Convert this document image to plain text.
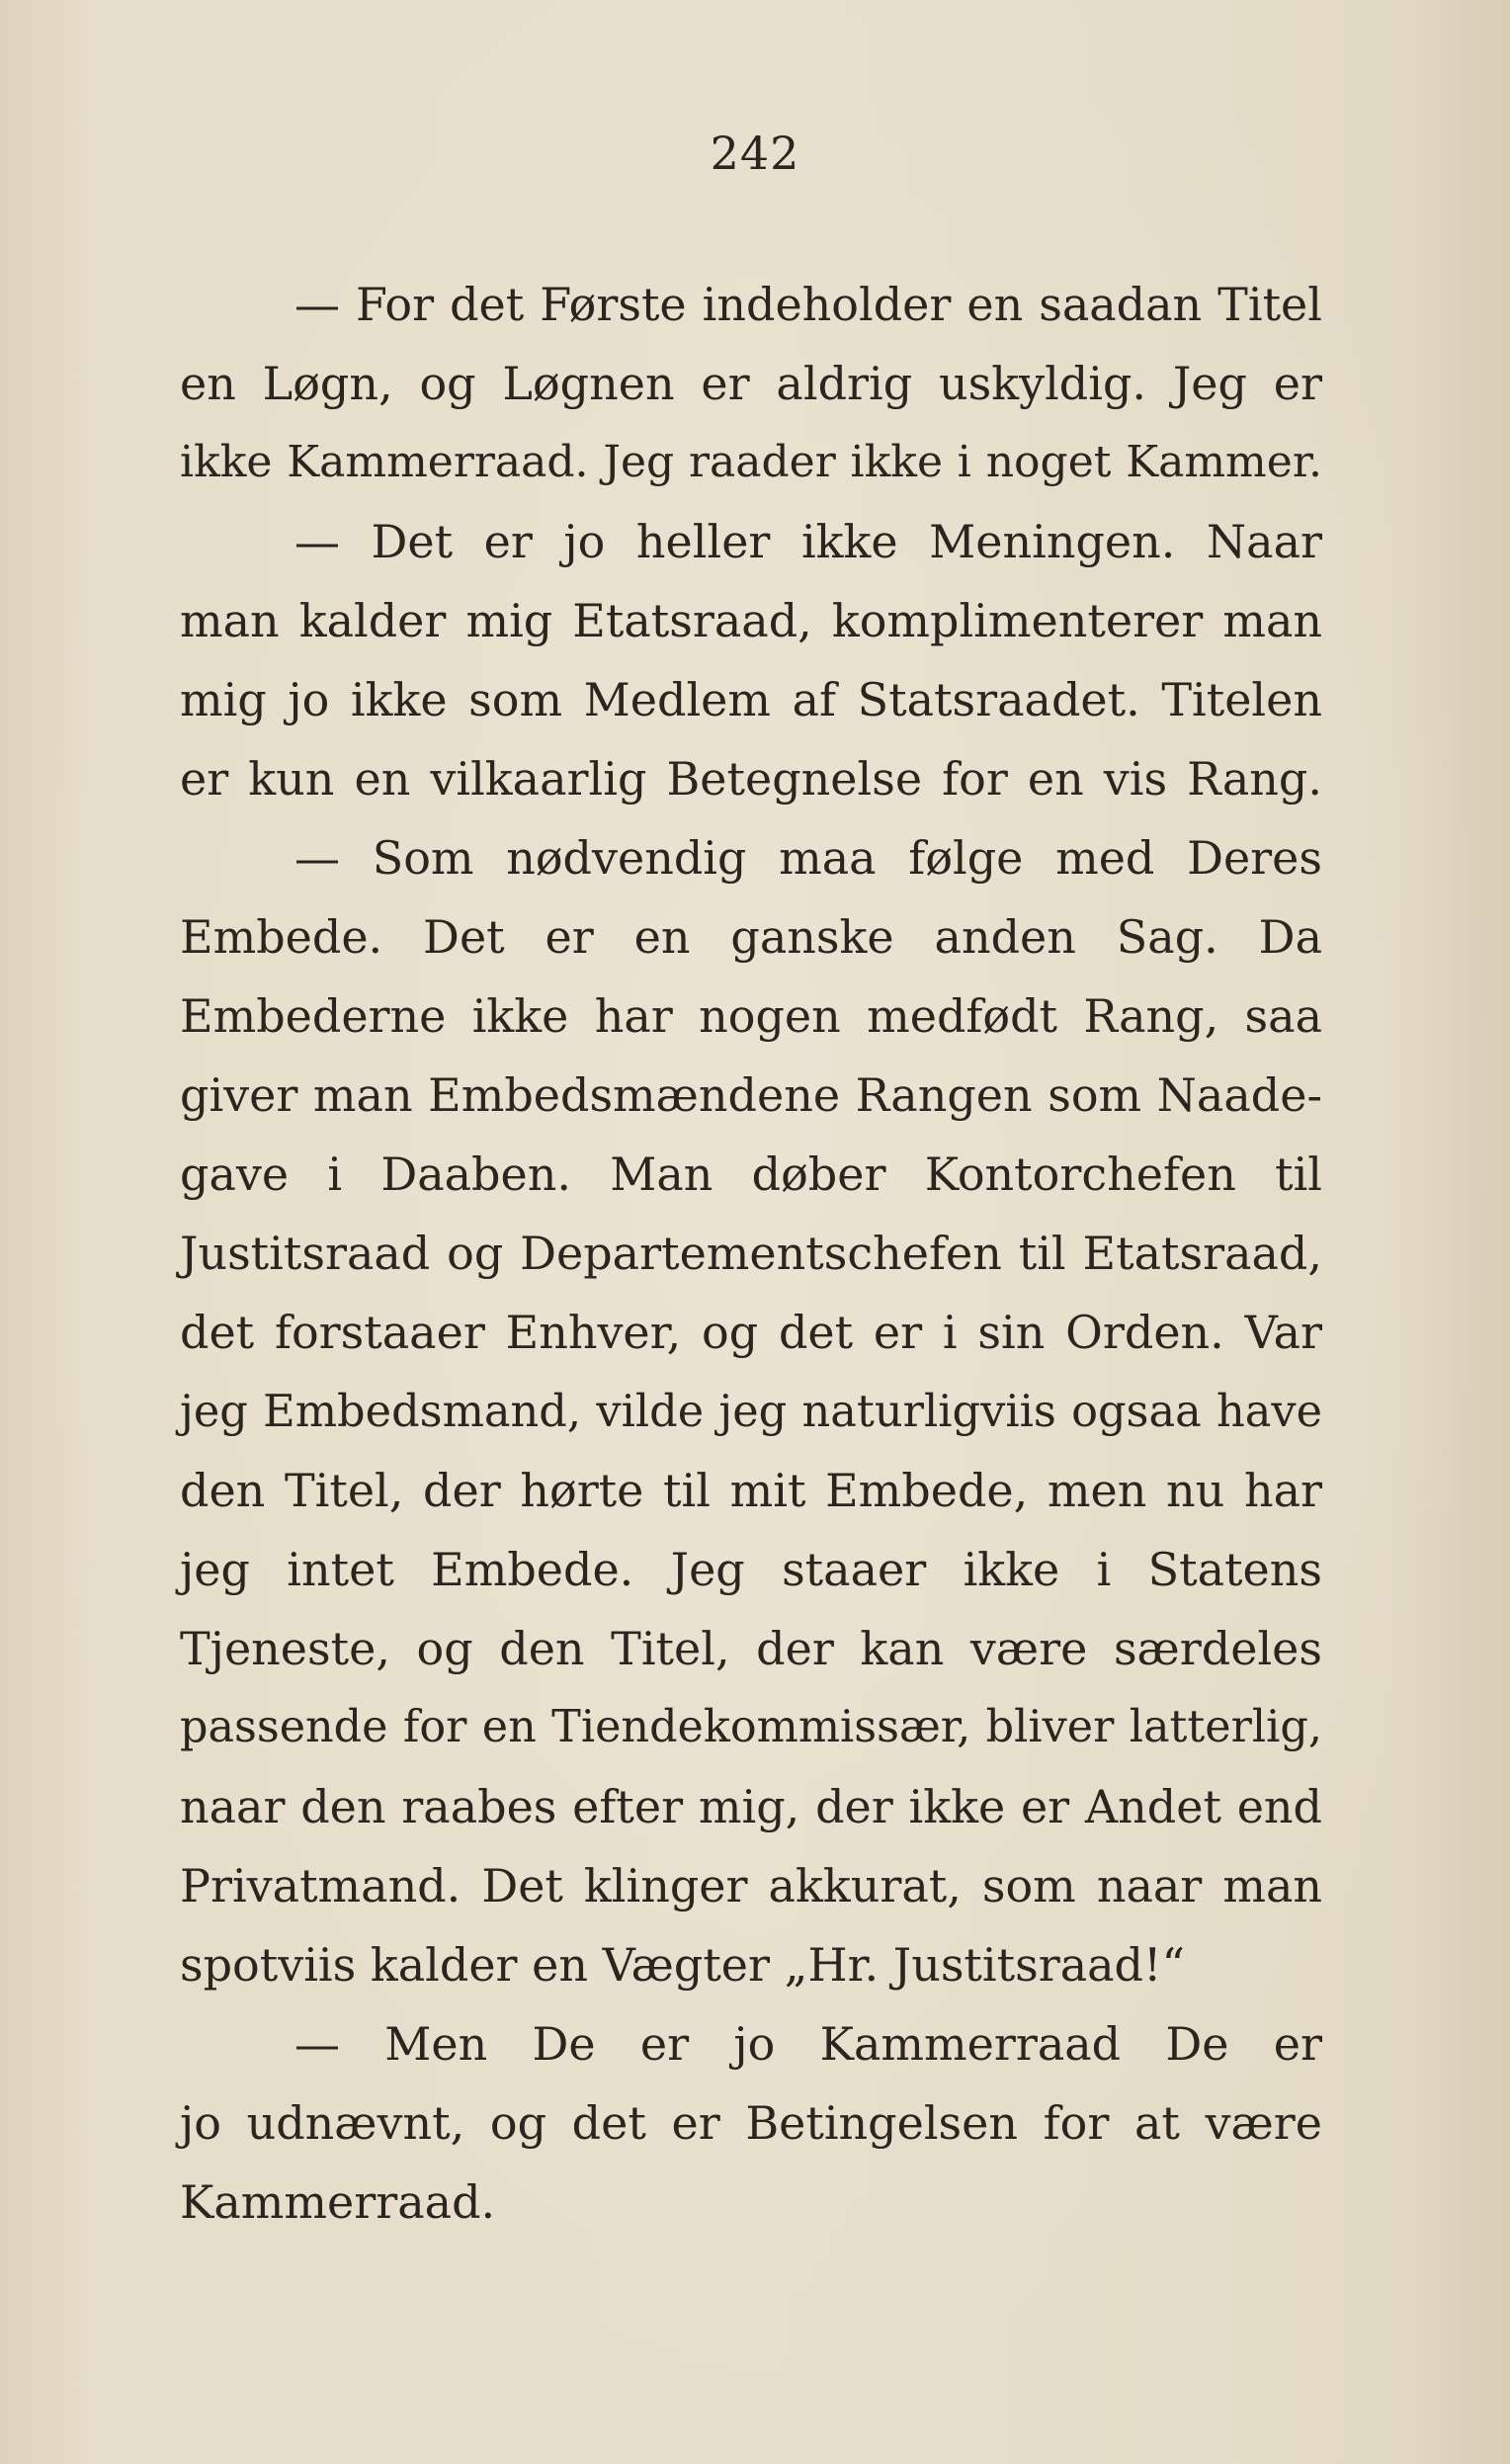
242
— For det Første indeholder en saadan Titel
en Løgn, og Løgnen er aldrig uskyldig. Jeg er
ikke Kammerraad. Jeg raader ikke i noget Kammer.
— Det er jo heller ikke Meningen. Naar
man kalder mig Etatsraad, komplimenterer man
mig jo ikke som Medlem af Statsraadet. Titelen
er kun en vilkaarlig Betegnelse for en vis Rang.
— Som nødvendig maa følge med Deres
Embede. Det er en ganske anden Sag. Da
Embederne ikke har nogen medfødt Rang, saa
giver man Embedsmændene Rangen som Naade-
gave i Daaben. Man døber Kontorchefen til
Justitsraad og Departementschefen til Etatsraad,
det forstaaer Enhver, og det er i sin Orden. Var
jeg Embedsmand, vilde jeg naturligviis ogsaa have
den Titel, der hørte til mit Embede, men nu har
jeg intet Embede. Jeg staaer ikke i Statens
Tjeneste, og den Titel, der kan være særdeles
passende for en Tiendekommissær, bliver latterlig,
naar den raabes efter mig, der ikke er Andet end
Privatmand. Det klinger akkurat, som naar man
spotviis kalder en Vægter „Hr. Justitsraad!“
— Men De er jo Kammerraad De er
jo udnævnt, og det er Betingelsen for at være
Kammerraad.
